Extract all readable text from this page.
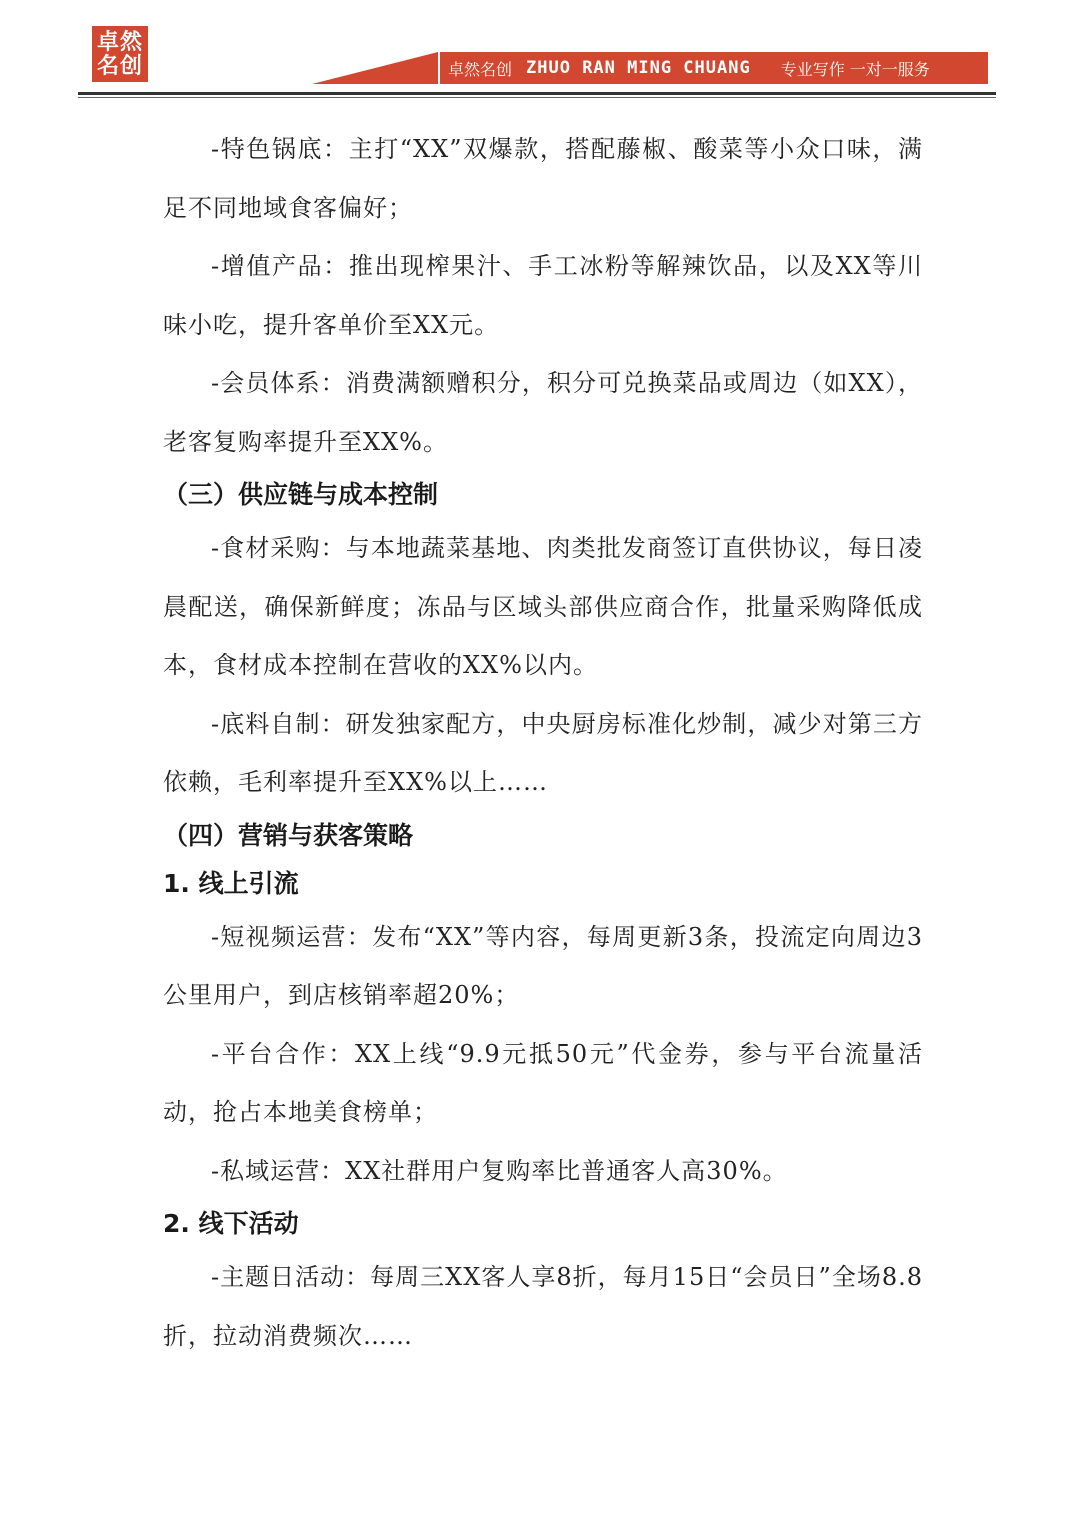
卓然
名创	卓然名创 ZHUO RAN MING CHUANG 专业写作 一对一服务

-特色锅底：主打“XX”双爆款，搭配藤椒、酸菜等小众口味，满足不同地域食客偏好；

-增值产品：推出现榨果汁、手工冰粉等解辣饮品，以及XX等川味小吃，提升客单价至XX元。

-会员体系：消费满额赠积分，积分可兑换菜品或周边（如XX），老客复购率提升至XX%。

（三）供应链与成本控制

-食材采购：与本地蔬菜基地、肉类批发商签订直供协议，每日凌晨配送，确保新鲜度；冻品与区域头部供应商合作，批量采购降低成本，食材成本控制在营收的XX%以内。

-底料自制：研发独家配方，中央厨房标准化炒制，减少对第三方依赖，毛利率提升至XX%以上……

（四）营销与获客策略

1. 线上引流

-短视频运营：发布“XX”等内容，每周更新3条，投流定向周边3公里用户，到店核销率超20%；

-平台合作：XX上线“9.9元抵50元”代金券，参与平台流量活动，抢占本地美食榜单；

-私域运营：XX社群用户复购率比普通客人高30%。

2. 线下活动

-主题日活动：每周三XX客人享8折，每月15日“会员日”全场8.8折，拉动消费频次……
